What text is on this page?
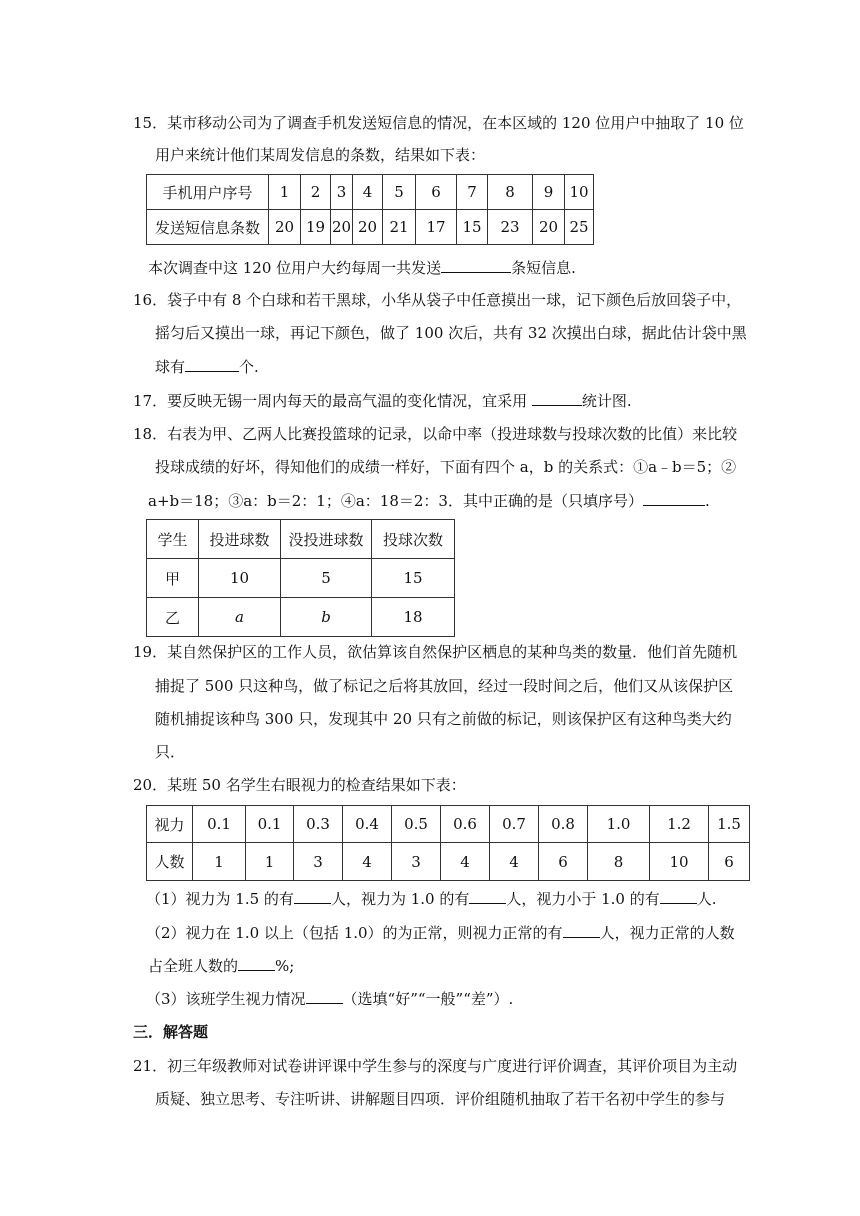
15．某市移动公司为了调查手机发送短信息的情况，在本区域的 120 位用户中抽取了 10 位
用户来统计他们某周发信息的条数，结果如下表：
手机用户序号	1	2	3	4	5	6	7	8	9	10
发送短信息条数	20	19	20	20	21	17	15	23	20	25
本次调查中这 120 位用户大约每周一共发送	条短信息.
16．袋子中有 8 个白球和若干黑球，小华从袋子中任意摸出一球，记下颜色后放回袋子中，
摇匀后又摸出一球，再记下颜色，做了 100 次后，共有 32 次摸出白球，据此估计袋中黑
球有	个.
17．要反映无锡一周内每天的最高气温的变化情况，宜采用	统计图.
18．右表为甲、乙两人比赛投篮球的记录，以命中率（投进球数与投球次数的比值）来比较
投球成绩的好坏，得知他们的成绩一样好，下面有四个 a，b 的关系式：①a﹣b＝5；②
a+b＝18；③a：b＝2：1；④a：18＝2：3．其中正确的是（只填序号）	.
学生	投进球数	没投进球数	投球次数
甲	10	5	15
乙	a	b	18
19．某自然保护区的工作人员，欲估算该自然保护区栖息的某种鸟类的数量．他们首先随机
捕捉了 500 只这种鸟，做了标记之后将其放回，经过一段时间之后，他们又从该保护区
随机捕捉该种鸟 300 只，发现其中 20 只有之前做的标记，则该保护区有这种鸟类大约
只．
20．某班 50 名学生右眼视力的检查结果如下表：
视力	0.1	0.1	0.3	0.4	0.5	0.6	0.7	0.8	1.0	1.2	1.5
人数	1	1	3	4	3	4	4	6	8	10	6
（1）视力为 1.5 的有 人，视力为 1.0 的有 人，视力小于 1.0 的有 人.
（2）视力在 1.0 以上（包括 1.0）的为正常，则视力正常的有 人，视力正常的人数
占全班人数的 %;
（3）该班学生视力情况 （选填“好”“一般”“差”）.
三．解答题
21．初三年级教师对试卷讲评课中学生参与的深度与广度进行评价调查，其评价项目为主动
质疑、独立思考、专注听讲、讲解题目四项．评价组随机抽取了若干名初中学生的参与
